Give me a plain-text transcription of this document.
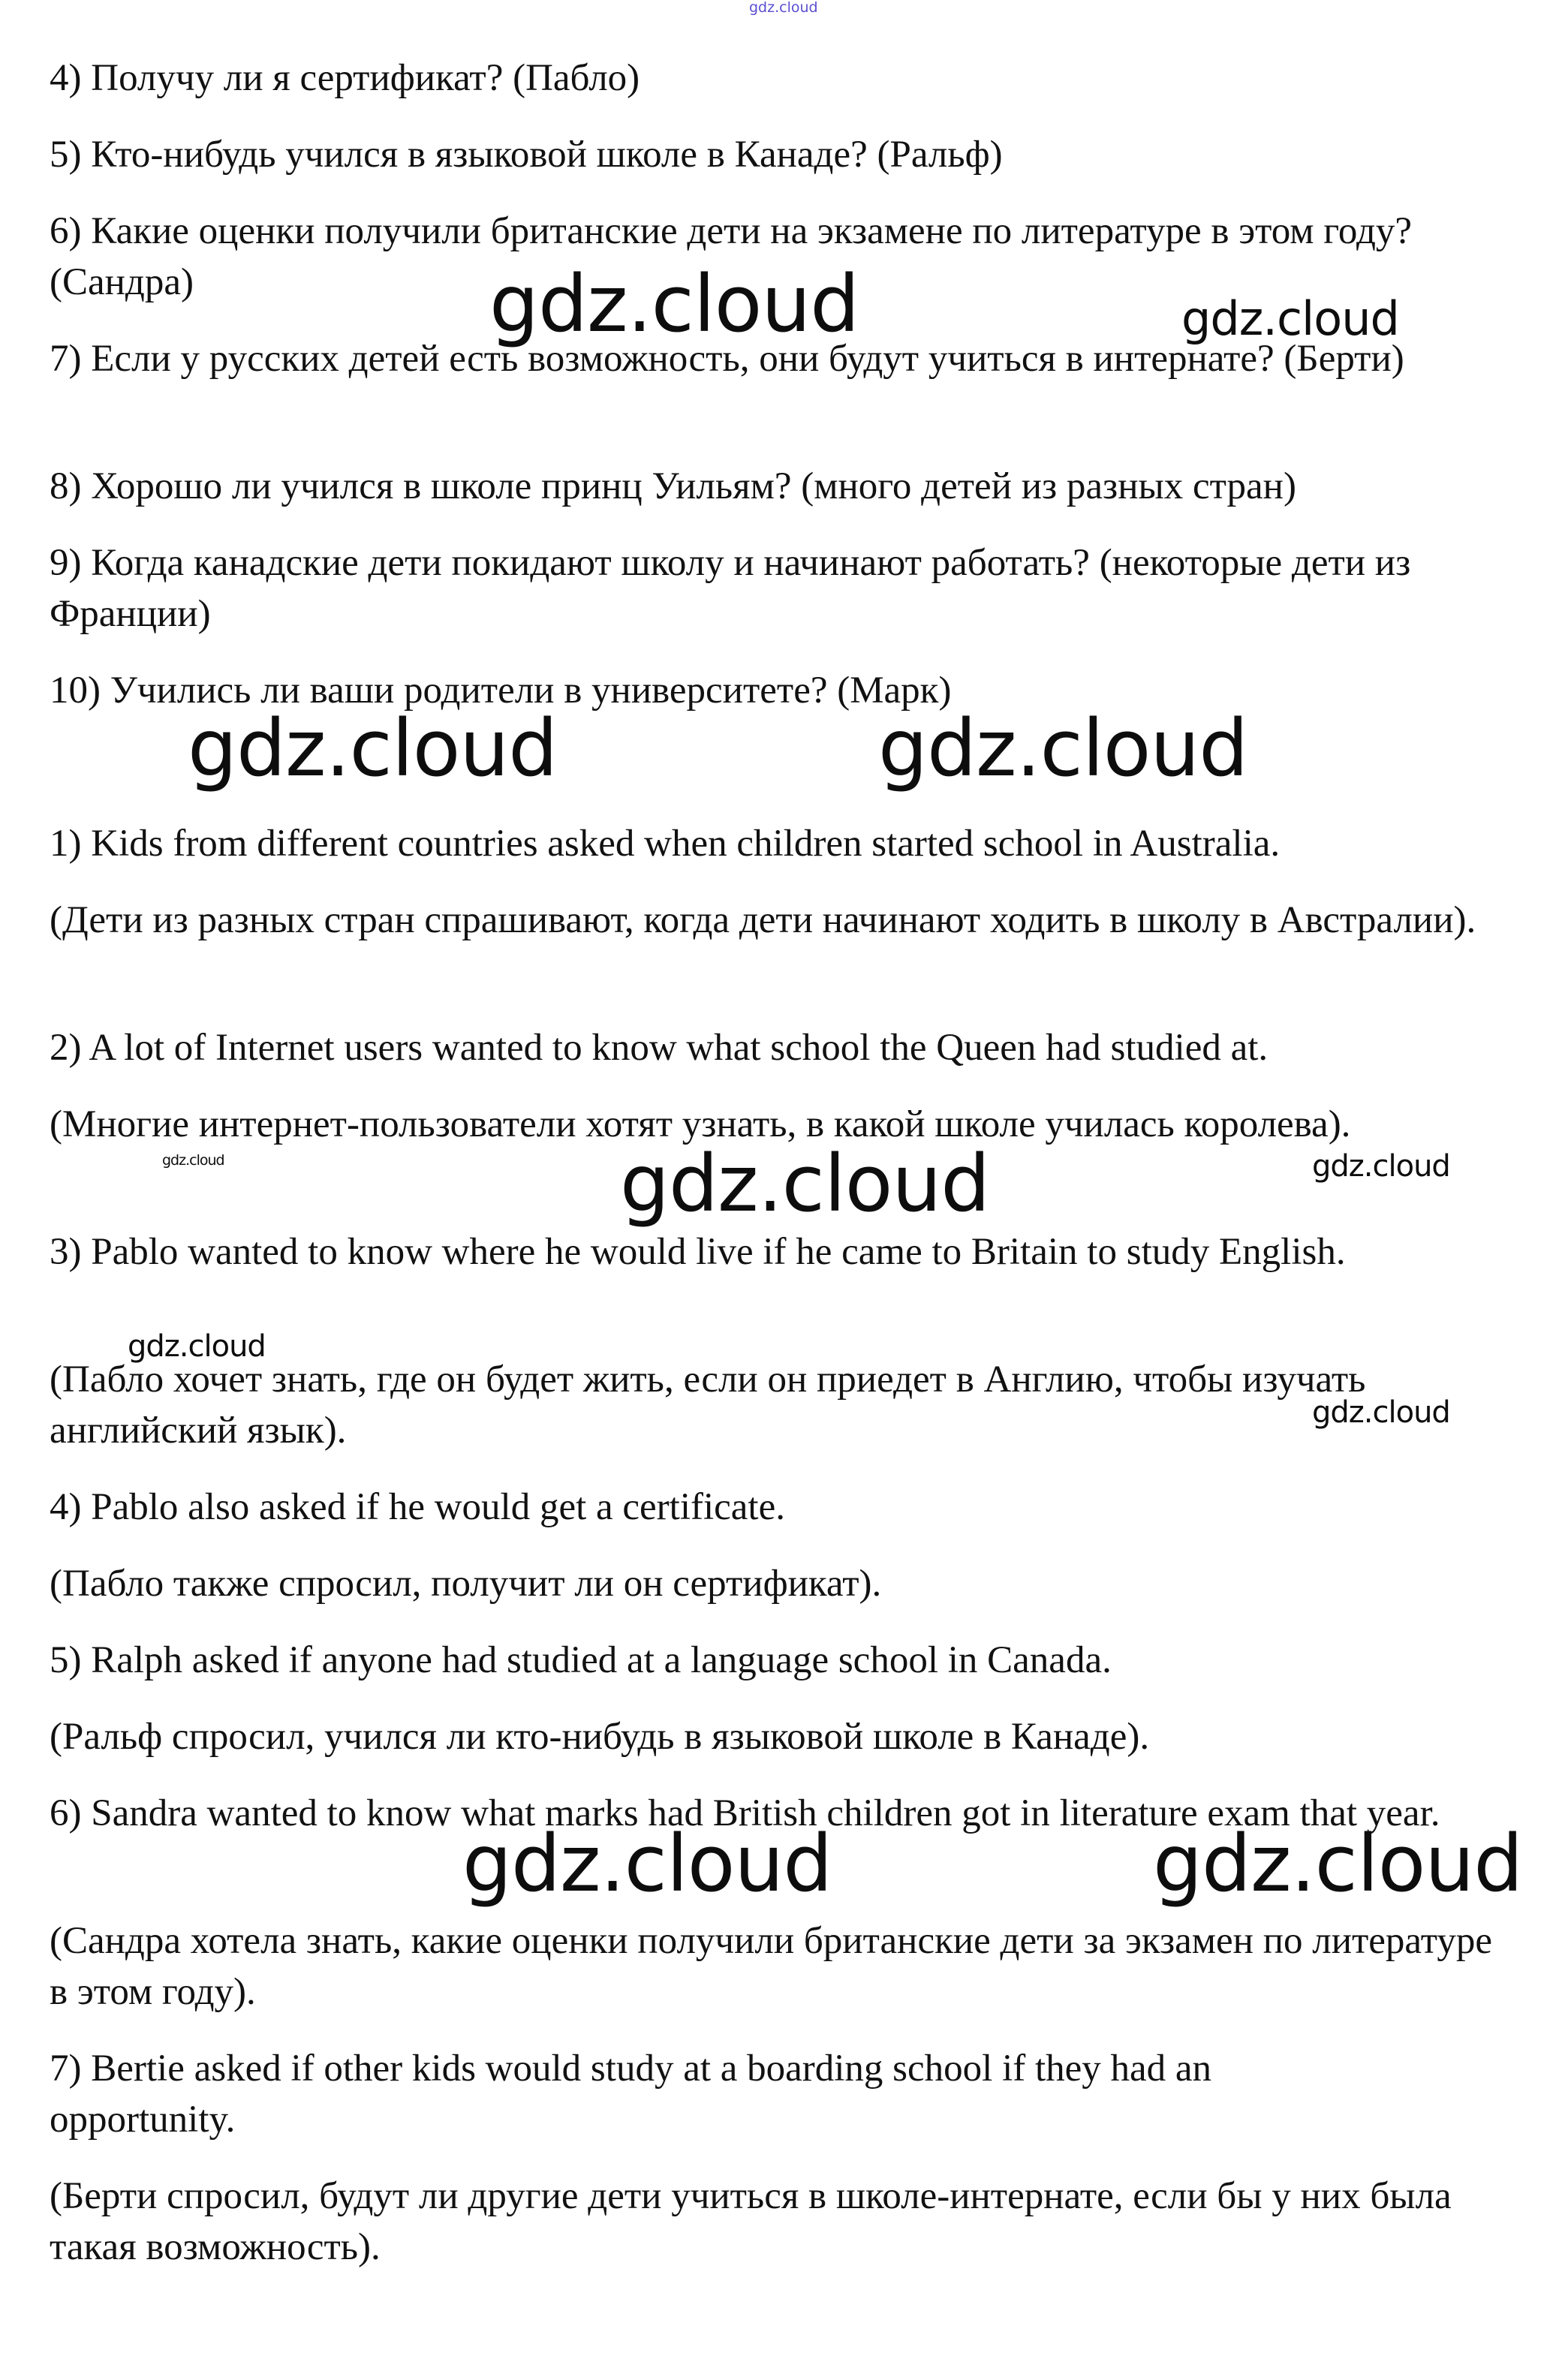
gdz.cloud

4) Получу ли я сертификат? (Пабло)

5) Кто-нибудь учился в языковой школе в Канаде? (Ральф)

6) Какие оценки получили британские дети на экзамене по литературе в этом году? (Сандра)

7) Если у русских детей есть возможность, они будут учиться в интернате? (Берти)

8) Хорошо ли учился в школе принц Уильям? (много детей из разных стран)

9) Когда канадские дети покидают школу и начинают работать? (некоторые дети из Франции)

10) Учились ли ваши родители в университете? (Марк)

1) Kids from different countries asked when children started school in Australia.

(Дети из разных стран спрашивают, когда дети начинают ходить в школу в Австралии).

2) A lot of Internet users wanted to know what school the Queen had studied at.

(Многие интернет-пользователи хотят узнать, в какой школе училась королева).

3) Pablo wanted to know where he would live if he came to Britain to study English.

(Пабло хочет знать, где он будет жить, если он приедет в Англию, чтобы изучать английский язык).

4) Pablo also asked if he would get a certificate.

(Пабло также спросил, получит ли он сертификат).

5) Ralph asked if anyone had studied at a language school in Canada.

(Ральф спросил, учился ли кто-нибудь в языковой школе в Канаде).

6) Sandra wanted to know what marks had British children got in literature exam that year.

(Сандра хотела знать, какие оценки получили британские дети за экзамен по литературе в этом году).

7) Bertie asked if other kids would study at a boarding school if they had an opportunity.

(Берти спросил, будут ли другие дети учиться в школе-интернате, если бы у них была такая возможность).

gdz.cloud	gdz.cloud
gdz.cloud	gdz.cloud
gdz.cloud	gdz.cloud	gdz.cloud
gdz.cloud
gdz.cloud
gdz.cloud	gdz.cloud
